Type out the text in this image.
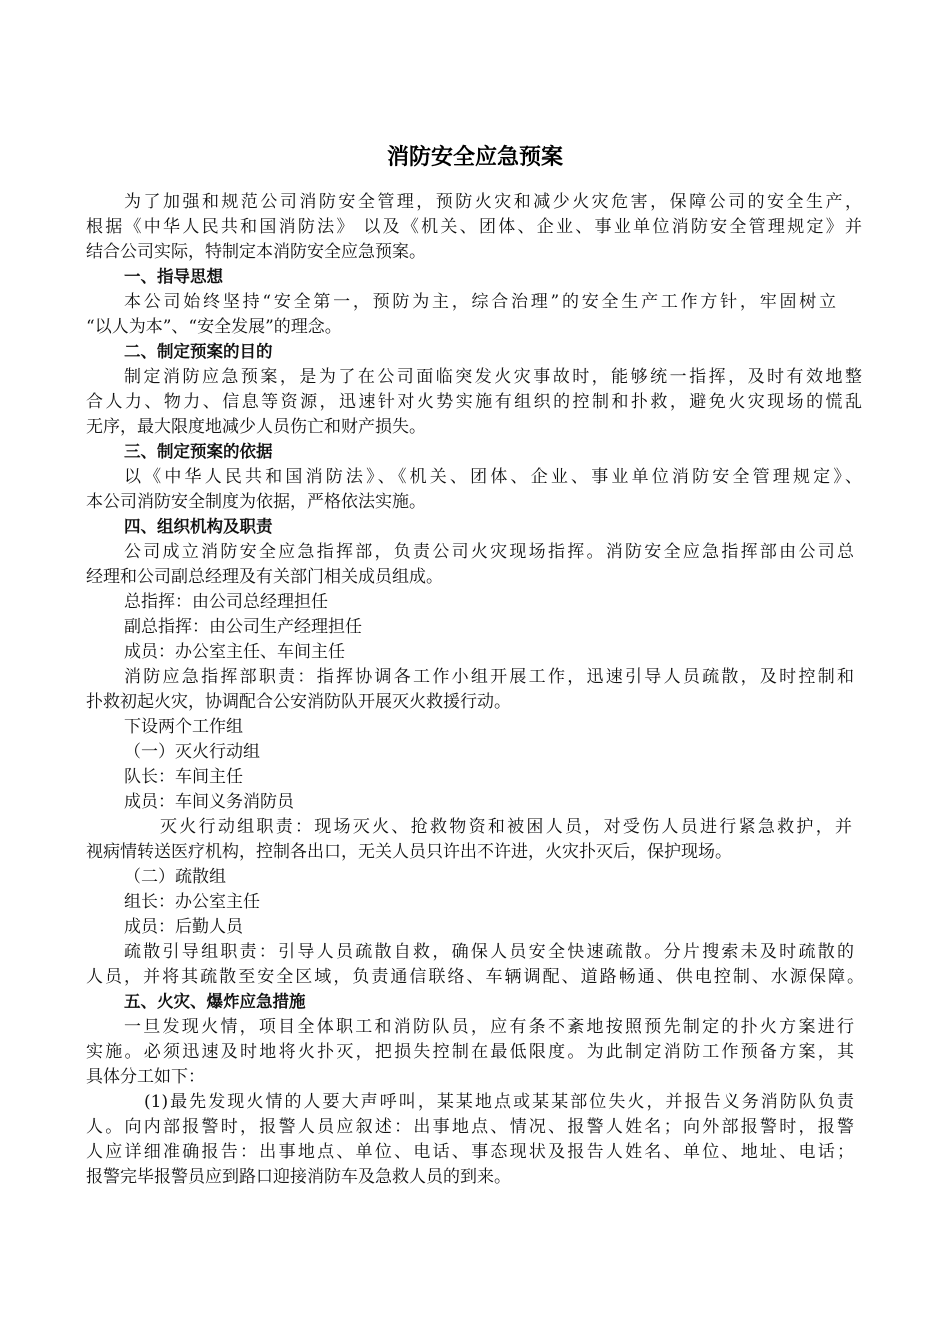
消防安全应急预案
为了加强和规范公司消防安全管理，预防火灾和减少火灾危害，保障公司的安全生产，
根据《中华人民共和国消防法》 以及《机关、团体、企业、事业单位消防安全管理规定》并
结合公司实际，特制定本消防安全应急预案。
一、指导思想
本公司始终坚持“安全第一，预防为主，综合治理”的安全生产工作方针，牢固树立
“以人为本”、“安全发展”的理念。
二、制定预案的目的
制定消防应急预案，是为了在公司面临突发火灾事故时，能够统一指挥，及时有效地整
合人力、物力、信息等资源，迅速针对火势实施有组织的控制和扑救，避免火灾现场的慌乱
无序，最大限度地减少人员伤亡和财产损失。
三、制定预案的依据
以《中华人民共和国消防法》、《机关、团体、企业、事业单位消防安全管理规定》、
本公司消防安全制度为依据，严格依法实施。
四、组织机构及职责
公司成立消防安全应急指挥部，负责公司火灾现场指挥。消防安全应急指挥部由公司总
经理和公司副总经理及有关部门相关成员组成。
总指挥：由公司总经理担任
副总指挥：由公司生产经理担任
成员：办公室主任、车间主任
消防应急指挥部职责：指挥协调各工作小组开展工作，迅速引导人员疏散，及时控制和
扑救初起火灾，协调配合公安消防队开展灭火救援行动。
下设两个工作组
（一）灭火行动组
队长：车间主任
成员：车间义务消防员
灭火行动组职责：现场灭火、抢救物资和被困人员，对受伤人员进行紧急救护，并
视病情转送医疗机构，控制各出口，无关人员只许出不许进，火灾扑灭后，保护现场。
（二）疏散组
组长：办公室主任
成员：后勤人员
疏散引导组职责：引导人员疏散自救，确保人员安全快速疏散。分片搜索未及时疏散的
人员，并将其疏散至安全区域，负责通信联络、车辆调配、道路畅通、供电控制、水源保障。
五、火灾、爆炸应急措施
一旦发现火情，项目全体职工和消防队员，应有条不紊地按照预先制定的扑火方案进行
实施。必须迅速及时地将火扑灭，把损失控制在最低限度。为此制定消防工作预备方案，其
具体分工如下：
(1)最先发现火情的人要大声呼叫，某某地点或某某部位失火，并报告义务消防队负责
人。向内部报警时，报警人员应叙述：出事地点、情况、报警人姓名；向外部报警时，报警
人应详细准确报告：出事地点、单位、电话、事态现状及报告人姓名、单位、地址、电话；
报警完毕报警员应到路口迎接消防车及急救人员的到来。
